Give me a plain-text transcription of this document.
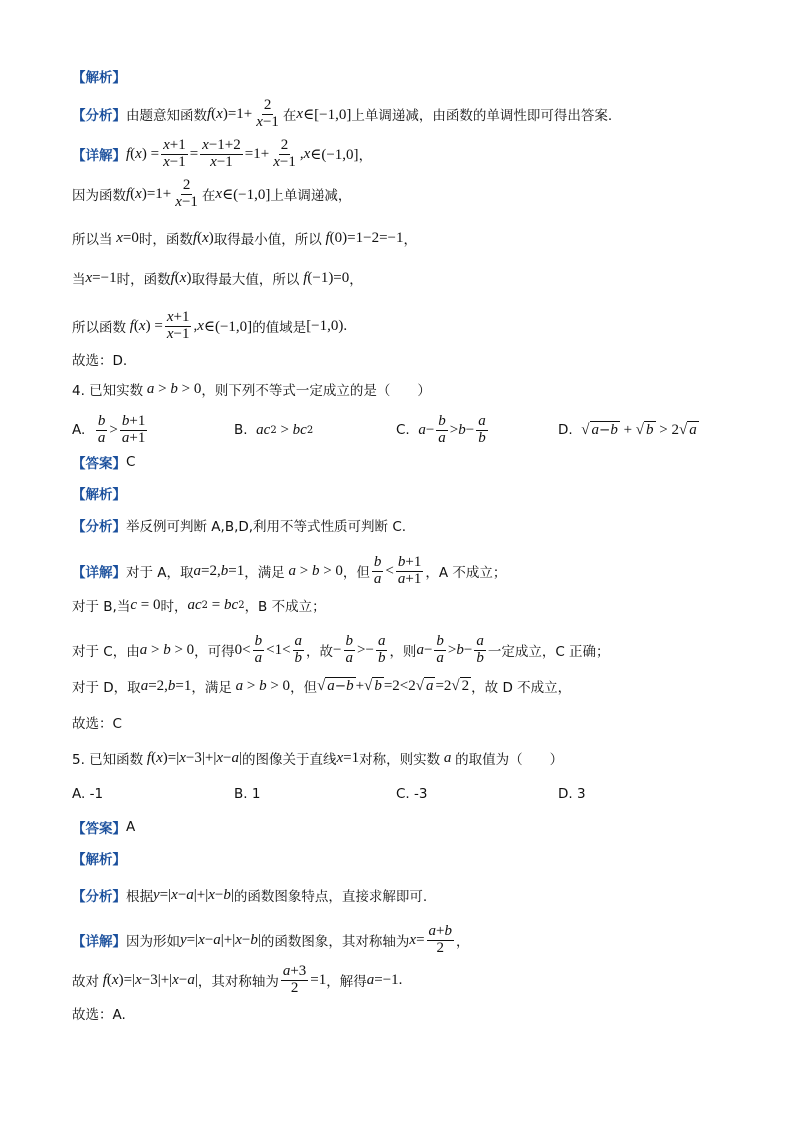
【解析】
【分析】 由题意知函数 f ( x )$=1+ \frac{2}{x-1}$ 在 x ∈[−1,0] 上单调递减，由函数的单调性即可得出答案.
【详解】 f ( x ) = $\frac{x+1}{x-1} = \frac{x-1+2}{x-1} =1+ \frac{2}{x-1}$ , x ∈(−1,0] ，
因为函数 f ( x )$=1+ \frac{2}{x-1}$ 在 x ∈(−1,0] 上单调递减，
所以当 x =0 时，函数 f ( x ) 取得最小值，所以 f (0)=1−2=−1 ，
当 x =−1 时，函数 f ( x ) 取得最大值，所以 f (−1)=0 ，
所以函数 f ( x ) = $\frac{x+1}{x-1}$ , x ∈(−1,0] 的值域是 [−1,0) .
故选：D.
4. 已知实数 a > b > 0 ，则下列不等式一定成立的是（　　）
A.
$\frac{b}{a} > \frac{b+1}{a+1}$	B.
ac 2 > bc 2	C.
$a - \frac{b}{a} > b - \frac{a}{b}$	D.
√ a−b + √ b > 2√ a
【答案】 C
【解析】
【分析】 举反例可判断 A,B,D,利用不等式性质可判断 C.
【详解】 对于 A，取 a =2, b =1 ，满足 a > b > 0 ，但 $\frac{b}{a} < \frac{b+1}{a+1}$ ，A 不成立；
对于 B,当 c = 0 时， ac 2 = bc 2 ，B 不成立；
对于 C，由 a > b > 0 ，可得 $0< \frac{b}{a} <1< \frac{a}{b}$ ，故 − $\frac{b}{a} >- \frac{a}{b}$ ，则 $a - \frac{b}{a} > b - \frac{a}{b}$ 一定成立，C 正确；
对于 D，取 a =2, b =1 ，满足 a > b > 0 ，但 √ a−b +√ b =2<2√ a =2√ 2 ，故 D 不成立，
故选：C
5. 已知函数 f ( x )=| x −3|+| x − a | 的图像关于直线 x =1 对称，则实数 a 的取值为（　　）
A. -1	B. 1	C. -3	D. 3
【答案】 A
【解析】
【分析】 根据 y =| x − a |+| x − b | 的函数图象特点，直接求解即可.
【详解】 因为形如 y =| x − a |+| x − b | 的函数图象，其对称轴为 $x = \frac{a+b}{2}$ ，
故对 f ( x )=| x −3|+| x − a | ，其对称轴为 $\frac{a+3}{2} =1$ ，解得 a =−1.
故选：A.
